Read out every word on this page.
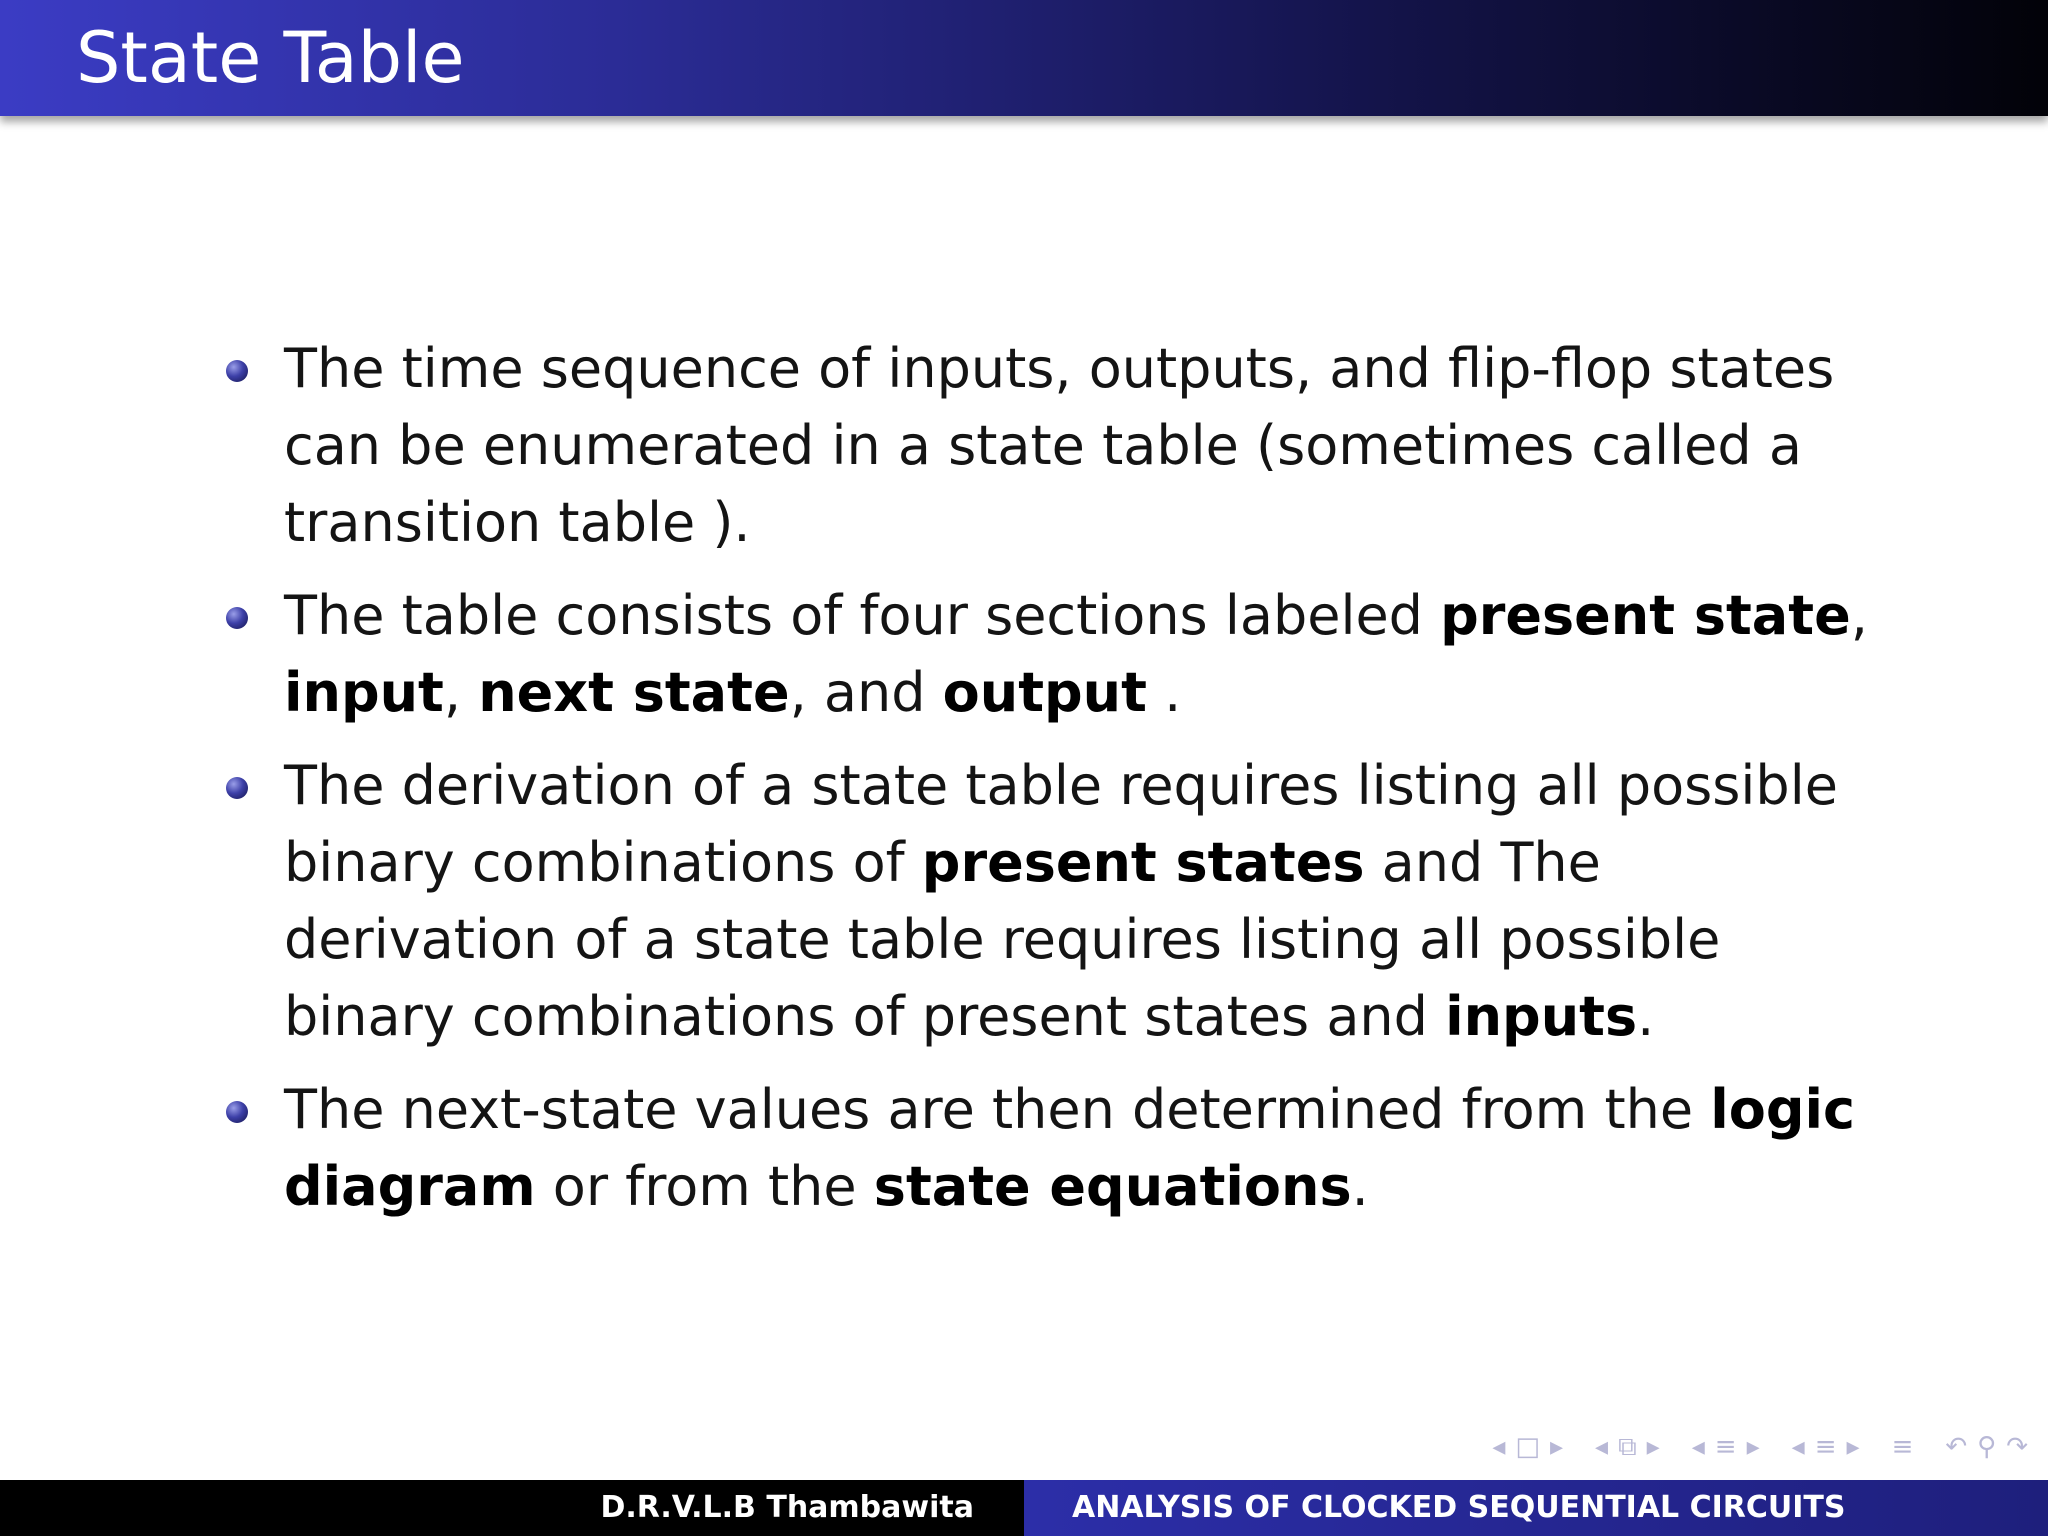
State Table
The time sequence of inputs, outputs, and flip-flop states can be enumerated in a state table (sometimes called a transition table ).
The table consists of four sections labeled present state, input, next state, and output .
The derivation of a state table requires listing all possible binary combinations of present states and The derivation of a state table requires listing all possible binary combinations of present states and inputs.
The next-state values are then determined from the logic diagram or from the state equations.
◂ □ ▸ ◂ ⧉ ▸ ◂ ≡ ▸ ◂ ≡ ▸ ≡ ↶ ⚲ ↷
D.R.V.L.B Thambawita	ANALYSIS OF CLOCKED SEQUENTIAL CIRCUITS
